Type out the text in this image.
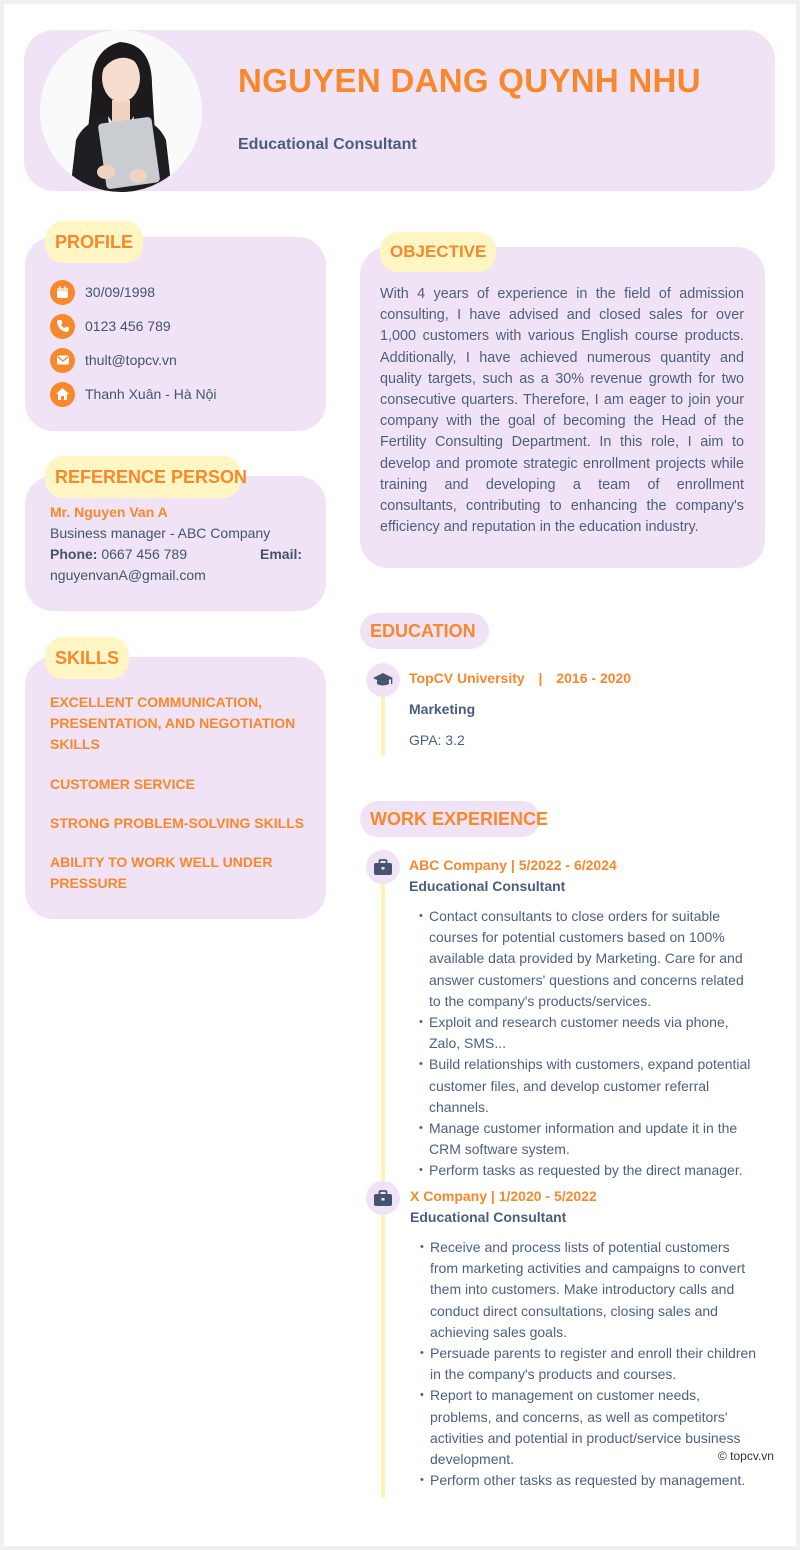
NGUYEN DANG QUYNH NHU
Educational Consultant
PROFILE
30/09/1998
0123 456 789
thult@topcv.vn
Thanh Xuân - Hà Nội
REFERENCE PERSON
Mr. Nguyen Van A
Business manager - ABC Company
Phone: 0667 456 789	Email:
nguyenvanA@gmail.com
SKILLS
EXCELLENT COMMUNICATION, PRESENTATION, AND NEGOTIATION SKILLS
CUSTOMER SERVICE
STRONG PROBLEM-SOLVING SKILLS
ABILITY TO WORK WELL UNDER PRESSURE
OBJECTIVE
With 4 years of experience in the field of admission consulting, I have advised and closed sales for over 1,000 customers with various English course products. Additionally, I have achieved numerous quantity and quality targets, such as a 30% revenue growth for two consecutive quarters. Therefore, I am eager to join your company with the goal of becoming the Head of the Fertility Consulting Department. In this role, I aim to develop and promote strategic enrollment projects while training and developing a team of enrollment consultants, contributing to enhancing the company's efficiency and reputation in the education industry.
EDUCATION
TopCV University | 2016 - 2020
Marketing
GPA: 3.2
WORK EXPERIENCE
ABC Company | 5/2022 - 6/2024
Educational Consultant
• Contact consultants to close orders for suitable courses for potential customers based on 100% available data provided by Marketing. Care for and answer customers' questions and concerns related to the company's products/services.
• Exploit and research customer needs via phone, Zalo, SMS...
• Build relationships with customers, expand potential customer files, and develop customer referral channels.
• Manage customer information and update it in the CRM software system.
• Perform tasks as requested by the direct manager.
X Company | 1/2020 - 5/2022
Educational Consultant
• Receive and process lists of potential customers from marketing activities and campaigns to convert them into customers. Make introductory calls and conduct direct consultations, closing sales and achieving sales goals.
• Persuade parents to register and enroll their children in the company's products and courses.
• Report to management on customer needs, problems, and concerns, as well as competitors' activities and potential in product/service business development.
• Perform other tasks as requested by management.
© topcv.vn
